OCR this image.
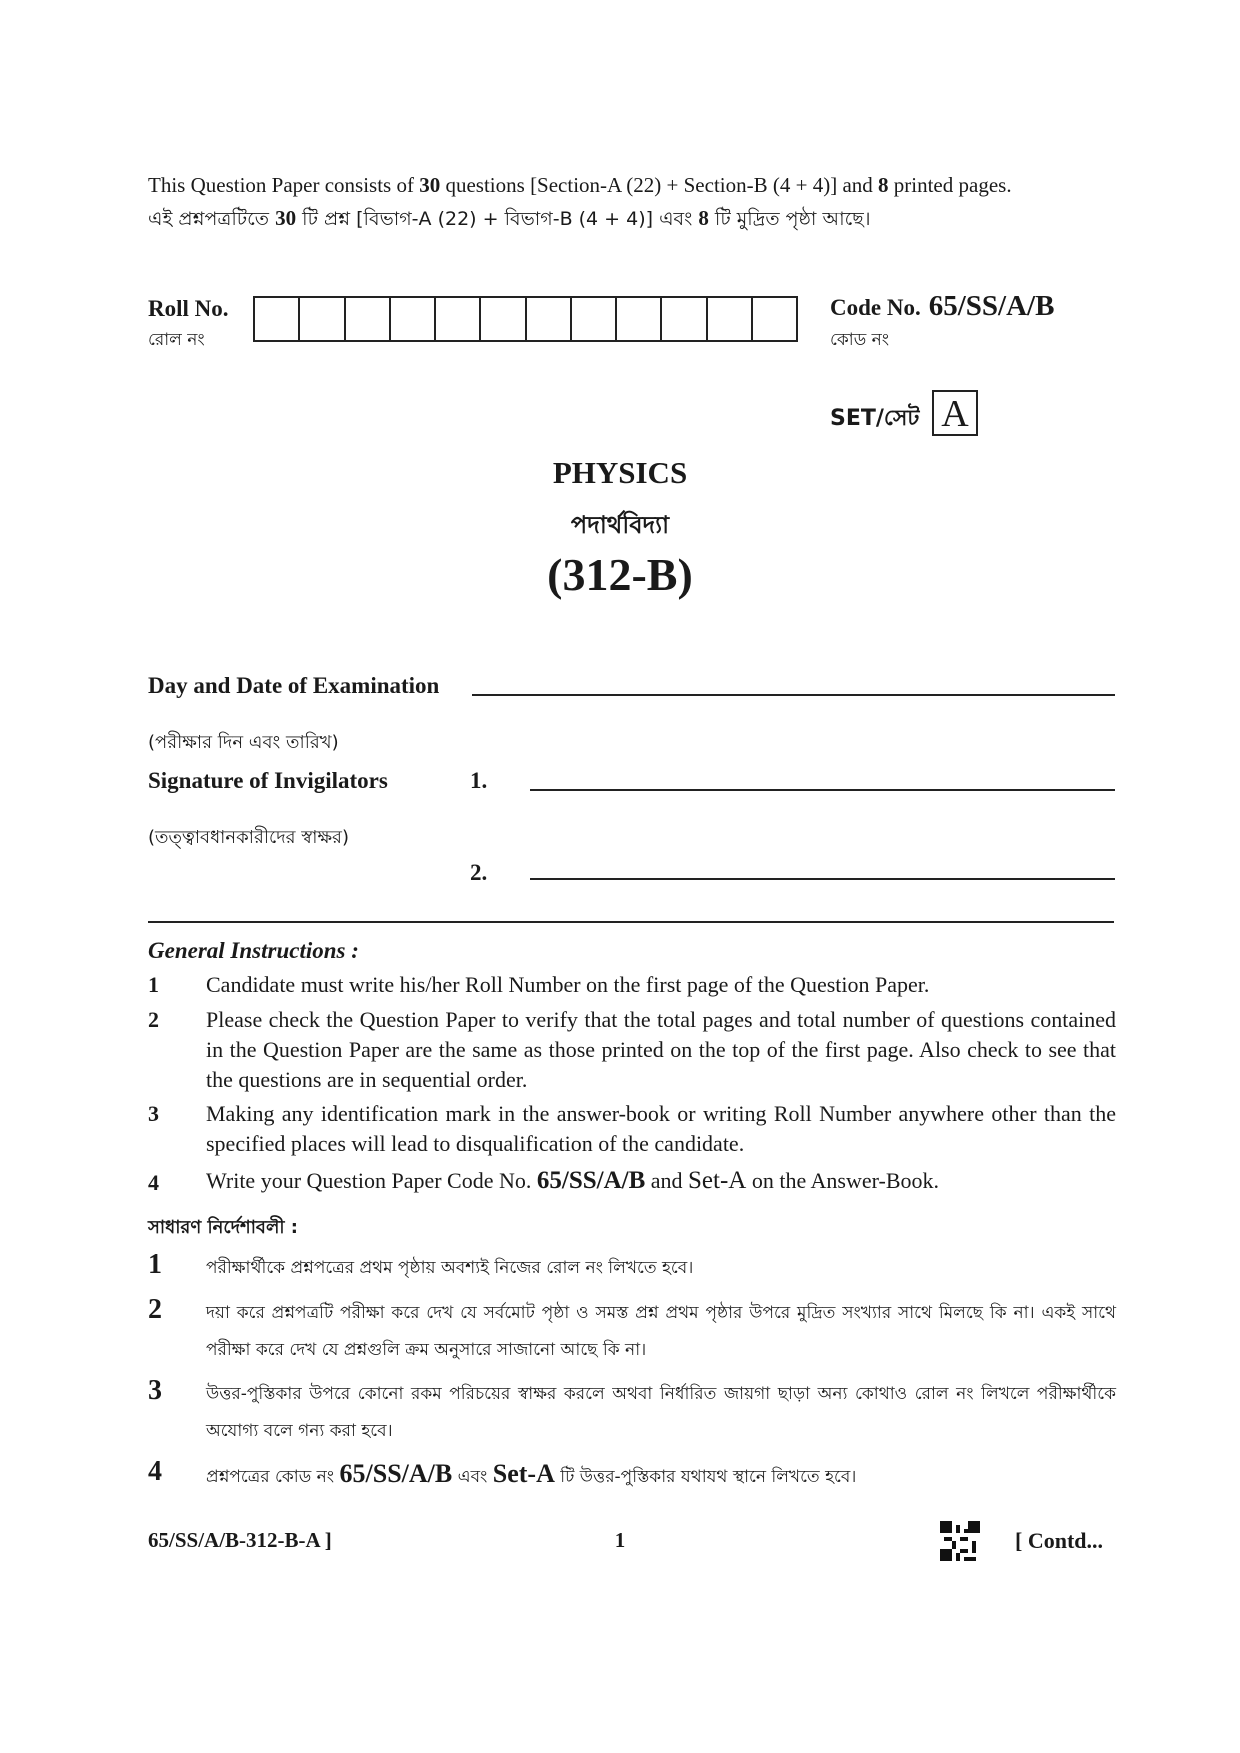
This Question Paper consists of 30 questions [Section-A (22) + Section-B (4 + 4)] and 8 printed pages.
এই প্রশ্নপত্রটিতে 30 টি প্রশ্ন [বিভাগ-A (22) + বিভাগ-B (4 + 4)] এবং 8 টি মুদ্রিত পৃষ্ঠা আছে।
Roll No.
রোল নং
Code No. 65/SS/A/B
কোড নং
SET/সেট A
PHYSICS
পদার্থবিদ্যা
(312-B)
Day and Date of Examination
(পরীক্ষার দিন এবং তারিখ)
Signature of Invigilators	1.
(তত্ত্বাবধানকারীদের স্বাক্ষর)
2.
General Instructions :
1 Candidate must write his/her Roll Number on the first page of the Question Paper.
2 Please check the Question Paper to verify that the total pages and total number of questions contained in the Question Paper are the same as those printed on the top of the first page. Also check to see that the questions are in sequential order.
3 Making any identification mark in the answer-book or writing Roll Number anywhere other than the specified places will lead to disqualification of the candidate.
4 Write your Question Paper Code No. 65/SS/A/B and Set-A on the Answer-Book.
সাধারণ নির্দেশাবলী :
1	পরীক্ষার্থীকে প্রশ্নপত্রের প্রথম পৃষ্ঠায় অবশ্যই নিজের রোল নং লিখতে হবে।
2	দয়া করে প্রশ্নপত্রটি পরীক্ষা করে দেখ যে সর্বমোট পৃষ্ঠা ও সমস্ত প্রশ্ন প্রথম পৃষ্ঠার উপরে মুদ্রিত সংখ্যার সাথে মিলছে কি না। একই সাথে পরীক্ষা করে দেখ যে প্রশ্নগুলি ক্রম অনুসারে সাজানো আছে কি না।
3	উত্তর-পুস্তিকার উপরে কোনো রকম পরিচয়ের স্বাক্ষর করলে অথবা নির্ধারিত জায়গা ছাড়া অন্য কোথাও রোল নং লিখলে পরীক্ষার্থীকে অযোগ্য বলে গন্য করা হবে।
4	প্রশ্নপত্রের কোড নং 65/SS/A/B এবং Set-A টি উত্তর-পুস্তিকার যথাযথ স্থানে লিখতে হবে।
65/SS/A/B-312-B-A ]	1	[ Contd...
